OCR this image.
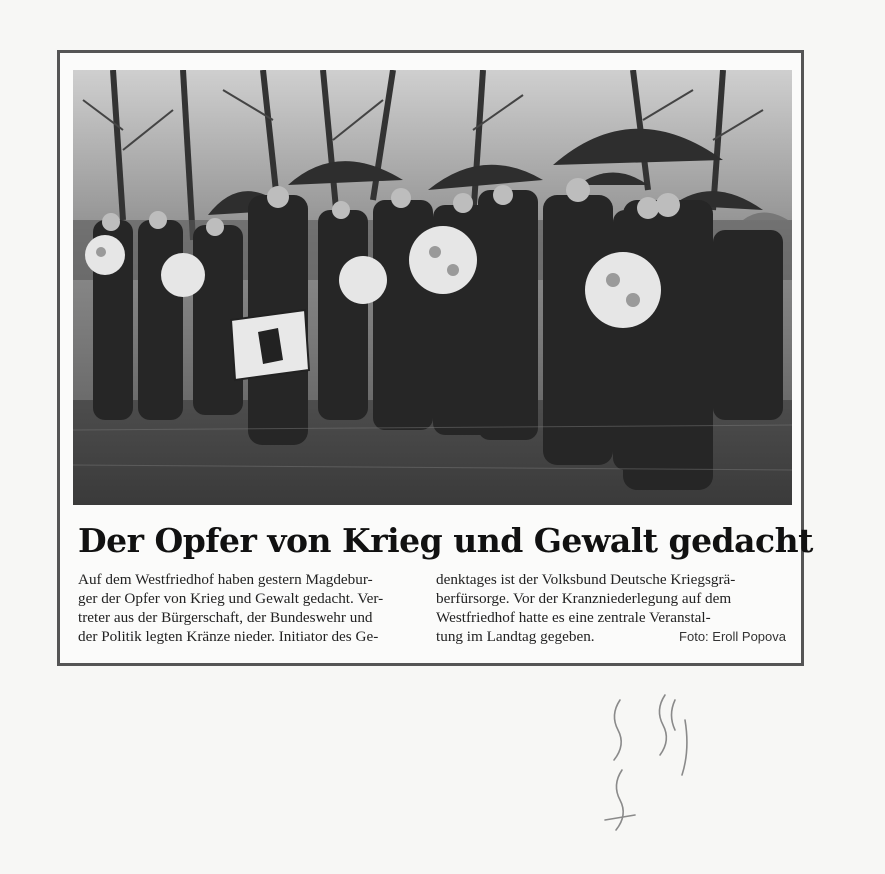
Der Opfer von Krieg und Gewalt gedacht
Auf dem Westfriedhof haben gestern Magdebur-
ger der Opfer von Krieg und Gewalt gedacht. Ver-
treter aus der Bürgerschaft, der Bundeswehr und
der Politik legten Kränze nieder. Initiator des Ge-
denktages ist der Volksbund Deutsche Kriegsgrä-
berfürsorge. Vor der Kranzniederlegung auf dem
Westfriedhof hatte es eine zentrale Veranstal-
tung im Landtag gegeben.	Foto: Eroll Popova
